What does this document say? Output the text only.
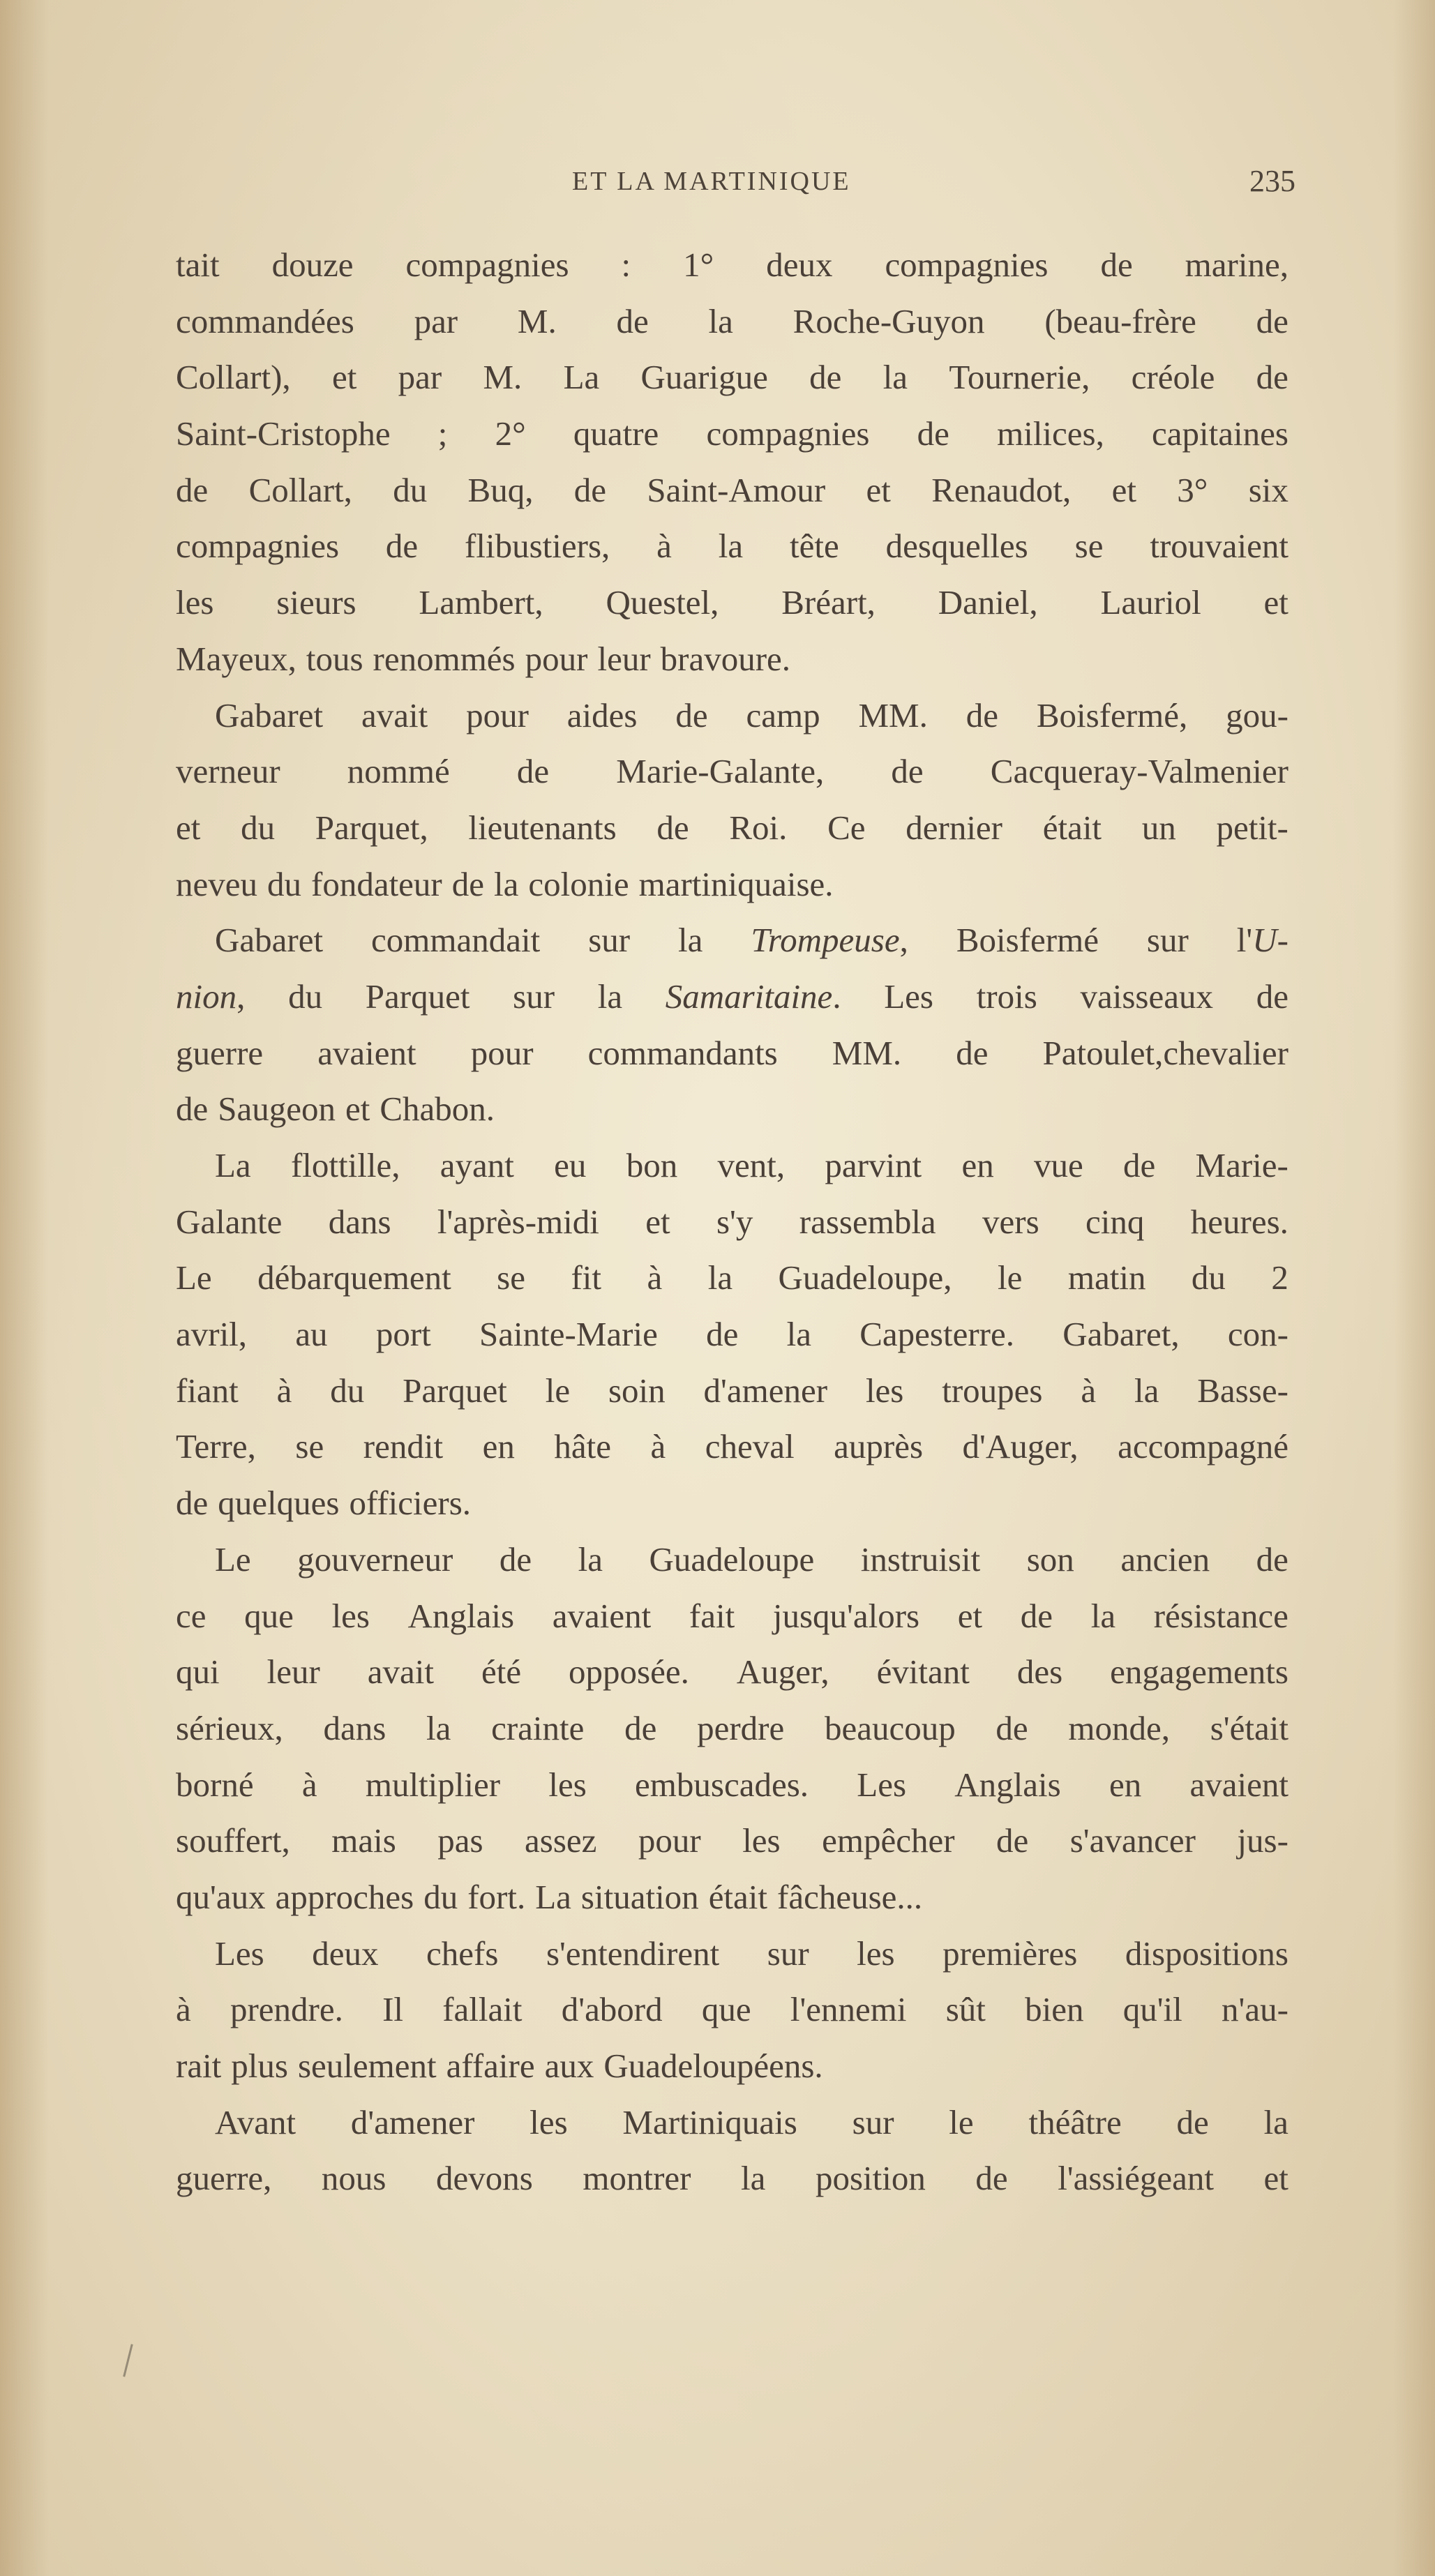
ET LA MARTINIQUE	235
tait douze compagnies : 1° deux compagnies de marine,
commandées par M. de la Roche-Guyon (beau-frère de
Collart), et par M. La Guarigue de la Tournerie, créole de
Saint-Cristophe ; 2° quatre compagnies de milices, capitaines
de Collart, du Buq, de Saint-Amour et Renaudot, et 3° six
compagnies de flibustiers, à la tête desquelles se trouvaient
les sieurs Lambert, Questel, Bréart, Daniel, Lauriol et
Mayeux, tous renommés pour leur bravoure.
Gabaret avait pour aides de camp MM. de Boisfermé, gou-
verneur nommé de Marie-Galante, de Cacqueray-Valmenier
et du Parquet, lieutenants de Roi. Ce dernier était un petit-
neveu du fondateur de la colonie martiniquaise.
Gabaret commandait sur la Trompeuse, Boisfermé sur l'U-
nion, du Parquet sur la Samaritaine. Les trois vaisseaux de
guerre avaient pour commandants MM. de Patoulet,chevalier
de Saugeon et Chabon.
La flottille, ayant eu bon vent, parvint en vue de Marie-
Galante dans l'après-midi et s'y rassembla vers cinq heures.
Le débarquement se fit à la Guadeloupe, le matin du 2
avril, au port Sainte-Marie de la Capesterre. Gabaret, con-
fiant à du Parquet le soin d'amener les troupes à la Basse-
Terre, se rendit en hâte à cheval auprès d'Auger, accompagné
de quelques officiers.
Le gouverneur de la Guadeloupe instruisit son ancien de
ce que les Anglais avaient fait jusqu'alors et de la résistance
qui leur avait été opposée. Auger, évitant des engagements
sérieux, dans la crainte de perdre beaucoup de monde, s'était
borné à multiplier les embuscades. Les Anglais en avaient
souffert, mais pas assez pour les empêcher de s'avancer jus-
qu'aux approches du fort. La situation était fâcheuse...
Les deux chefs s'entendirent sur les premières dispositions
à prendre. Il fallait d'abord que l'ennemi sût bien qu'il n'au-
rait plus seulement affaire aux Guadeloupéens.
Avant d'amener les Martiniquais sur le théâtre de la
guerre, nous devons montrer la position de l'assiégeant et
